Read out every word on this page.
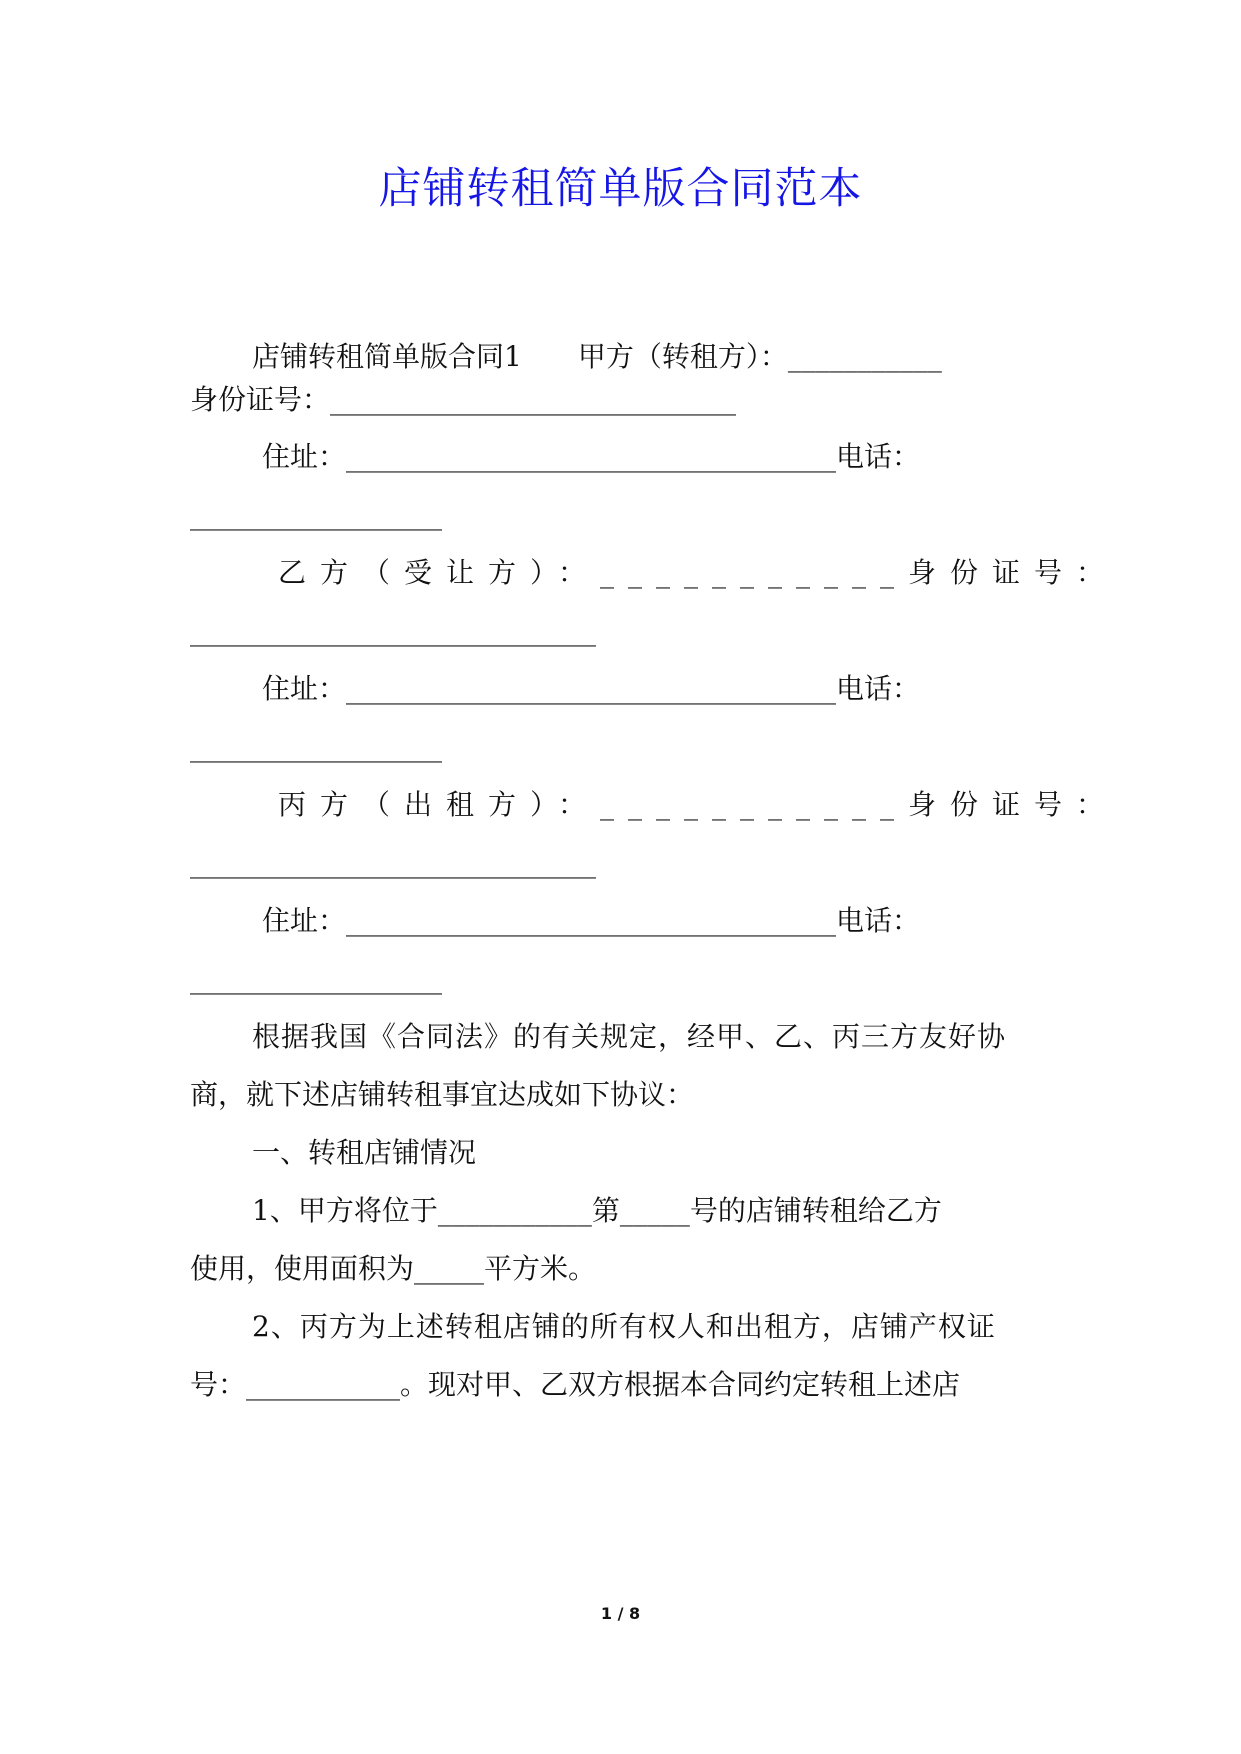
店铺转租简单版合同范本

店铺转租简单版合同1　　甲方（转租方）：___________

身份证号：_____________________________

住址：___________________________________电话：

__________________

乙方（受让方）：___________身份证号：

_____________________________

住址：___________________________________电话：

__________________

丙方（出租方）：___________身份证号：

_____________________________

住址：___________________________________电话：

__________________

根据我国《合同法》的有关规定，经甲、乙、丙三方友好协

商，就下述店铺转租事宜达成如下协议：

一、转租店铺情况

1、甲方将位于___________第_____号的店铺转租给乙方

使用，使用面积为_____平方米。

2、丙方为上述转租店铺的所有权人和出租方，店铺产权证

号：___________。现对甲、乙双方根据本合同约定转租上述店

1 / 8
